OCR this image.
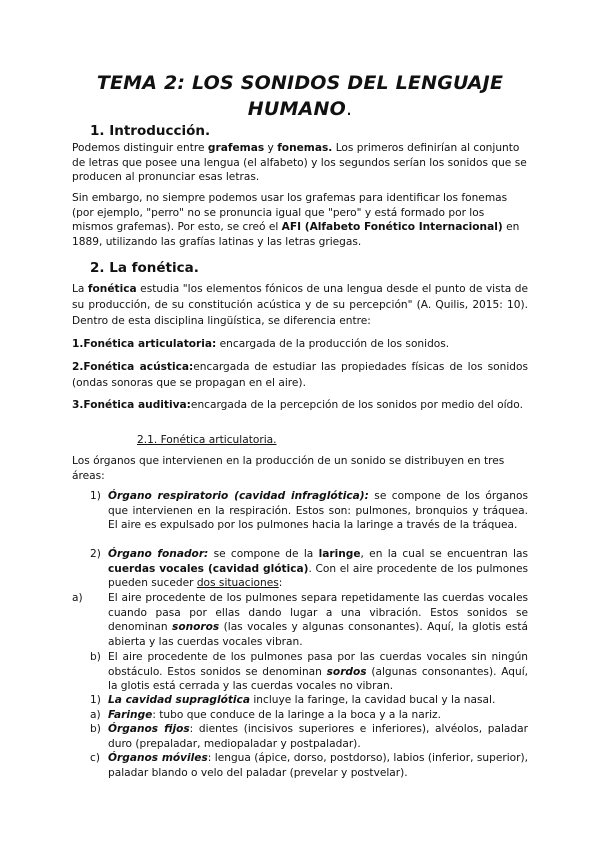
TEMA 2: LOS SONIDOS DEL LENGUAJE
HUMANO.
1. Introducción.
Podemos distinguir entre grafemas y fonemas. Los primeros definirían al conjunto de letras que posee una lengua (el alfabeto) y los segundos serían los sonidos que se producen al pronunciar esas letras.
Sin embargo, no siempre podemos usar los grafemas para identificar los fonemas (por ejemplo, "perro" no se pronuncia igual que "pero" y está formado por los mismos grafemas). Por esto, se creó el AFI (Alfabeto Fonético Internacional) en 1889, utilizando las grafías latinas y las letras griegas.
2. La fonética.
La fonética estudia "los elementos fónicos de una lengua desde el punto de vista de su producción, de su constitución acústica y de su percepción" (A. Quilis, 2015: 10). Dentro de esta disciplina lingüística, se diferencia entre:
1.Fonética articulatoria: encargada de la producción de los sonidos.
2.Fonética acústica:encargada de estudiar las propiedades físicas de los sonidos (ondas sonoras que se propagan en el aire).
3.Fonética auditiva:encargada de la percepción de los sonidos por medio del oído.
2.1. Fonética articulatoria.
Los órganos que intervienen en la producción de un sonido se distribuyen en tres áreas:
1) Órgano respiratorio (cavidad infraglótica): se compone de los órganos que intervienen en la respiración. Estos son: pulmones, bronquios y tráquea. El aire es expulsado por los pulmones hacia la laringe a través de la tráquea.
2) Órgano fonador: se compone de la laringe, en la cual se encuentran las cuerdas vocales (cavidad glótica). Con el aire procedente de los pulmones pueden suceder dos situaciones:
a) El aire procedente de los pulmones separa repetidamente las cuerdas vocales cuando pasa por ellas dando lugar a una vibración. Estos sonidos se denominan sonoros (las vocales y algunas consonantes). Aquí, la glotis está abierta y las cuerdas vocales vibran.
b) El aire procedente de los pulmones pasa por las cuerdas vocales sin ningún obstáculo. Estos sonidos se denominan sordos (algunas consonantes). Aquí, la glotis está cerrada y las cuerdas vocales no vibran.
1) La cavidad supraglótica incluye la faringe, la cavidad bucal y la nasal.
a) Faringe: tubo que conduce de la laringe a la boca y a la nariz.
b) Órganos fijos: dientes (incisivos superiores e inferiores), alvéolos, paladar duro (prepaladar, mediopaladar y postpaladar).
c) Órganos móviles: lengua (ápice, dorso, postdorso), labios (inferior, superior), paladar blando o velo del paladar (prevelar y postvelar).
